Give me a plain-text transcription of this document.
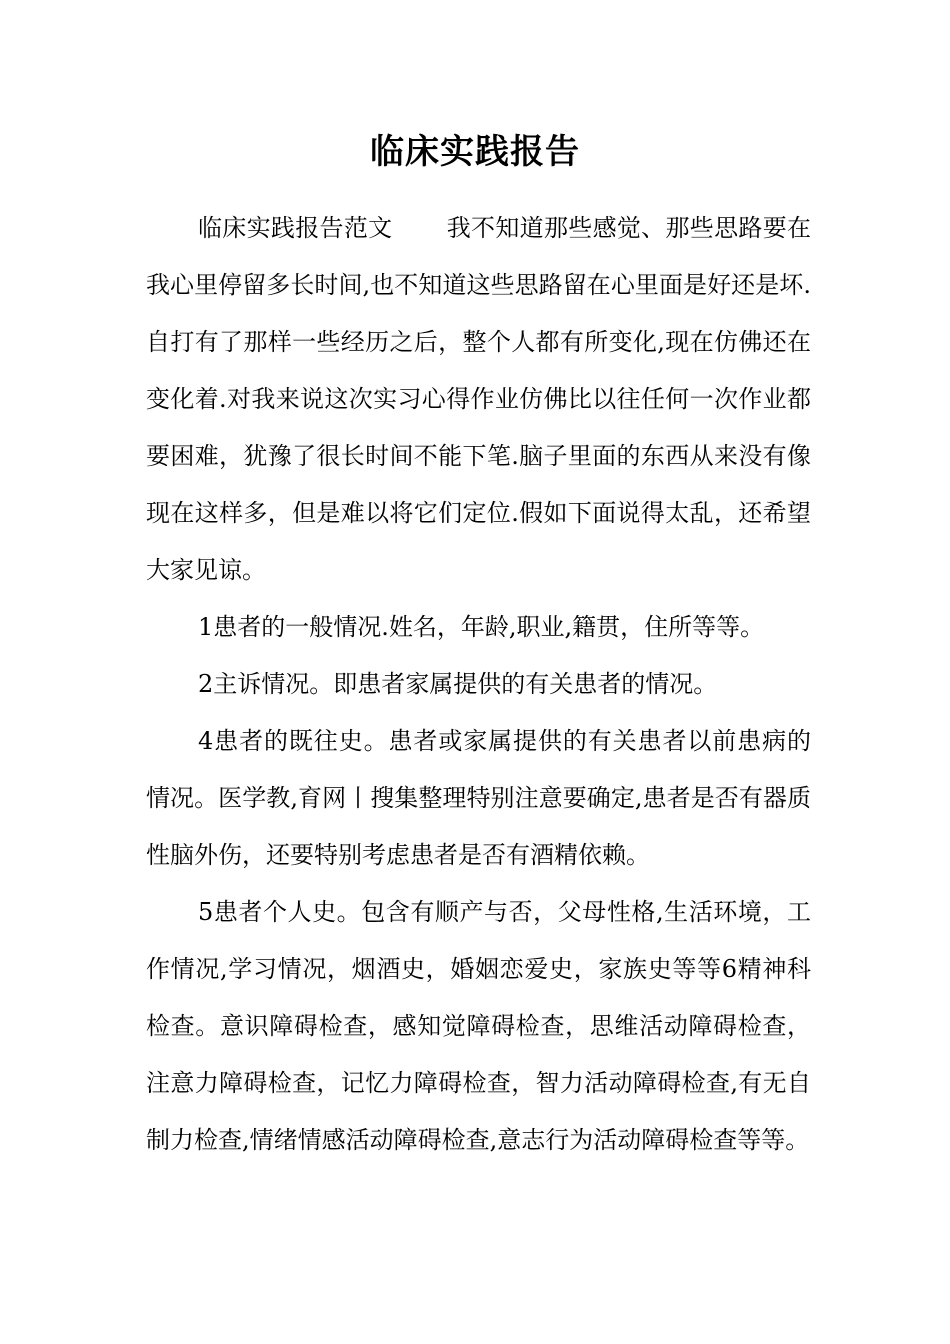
临床实践报告

临床实践报告范文 我不知道那些感觉、那些思路要在我心里停留多长时间,也不知道这些思路留在心里面是好还是坏.自打有了那样一些经历之后，整个人都有所变化,现在仿佛还在变化着.对我来说这次实习心得作业仿佛比以往任何一次作业都要困难，犹豫了很长时间不能下笔.脑子里面的东西从来没有像现在这样多，但是难以将它们定位.假如下面说得太乱，还希望大家见谅。

1患者的一般情况.姓名，年龄,职业,籍贯，住所等等。

2主诉情况。即患者家属提供的有关患者的情况。

4患者的既往史。患者或家属提供的有关患者以前患病的情况。医学教,育网丨搜集整理特别注意要确定,患者是否有器质性脑外伤，还要特别考虑患者是否有酒精依赖。

5患者个人史。包含有顺产与否，父母性格,生活环境，工作情况,学习情况，烟酒史，婚姻恋爱史，家族史等等6精神科检查。意识障碍检查，感知觉障碍检查，思维活动障碍检查，注意力障碍检查，记忆力障碍检查，智力活动障碍检查,有无自制力检查,情绪情感活动障碍检查,意志行为活动障碍检查等等。
